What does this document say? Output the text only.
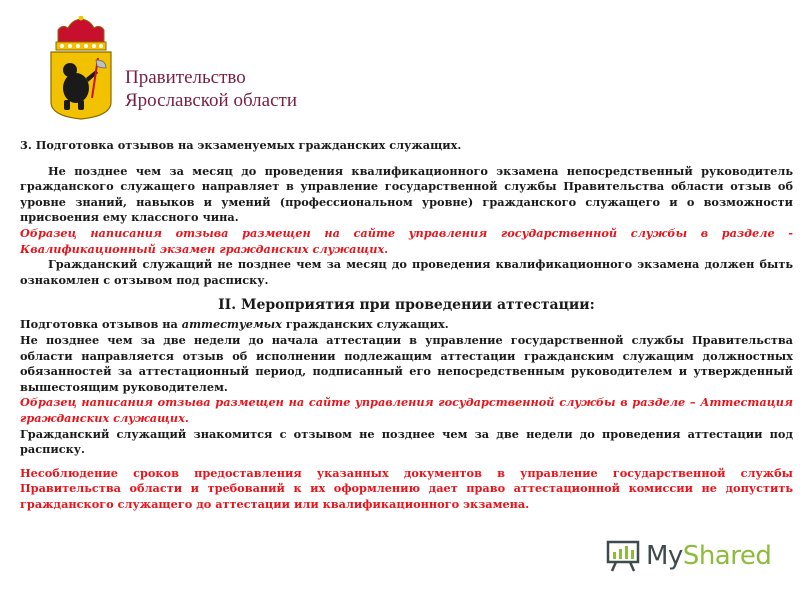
Правительство
Ярославской области

3. Подготовка отзывов на экзаменуемых гражданских служащих.

Не позднее чем за месяц до проведения квалификационного экзамена непосредственный руководитель гражданского служащего направляет в управление государственной службы Правительства области отзыв об уровне знаний, навыков и умений (профессиональном уровне) гражданского служащего и о возможности присвоения ему классного чина.

Образец написания отзыва размещен на сайте управления государственной службы в разделе - Квалификационный экзамен гражданских служащих.

Гражданский служащий не позднее чем за месяц до проведения квалификационного экзамена должен быть ознакомлен с отзывом под расписку.

II. Мероприятия при проведении аттестации:

Подготовка отзывов на аттестуемых гражданских служащих.

Не позднее чем за две недели до начала аттестации в управление государственной службы Правительства области направляется отзыв об исполнении подлежащим аттестации гражданским служащим должностных обязанностей за аттестационный период, подписанный его непосредственным руководителем и утвержденный вышестоящим руководителем.

Образец написания отзыва размещен на сайте управления государственной службы в разделе – Аттестация гражданских служащих.

Гражданский служащий знакомится с отзывом не позднее чем за две недели до проведения аттестации под расписку.

Несоблюдение сроков предоставления указанных документов в управление государственной службы Правительства области и требований к их оформлению дает право аттестационной комиссии не допустить гражданского служащего до аттестации или квалификационного экзамена.

MyShared
